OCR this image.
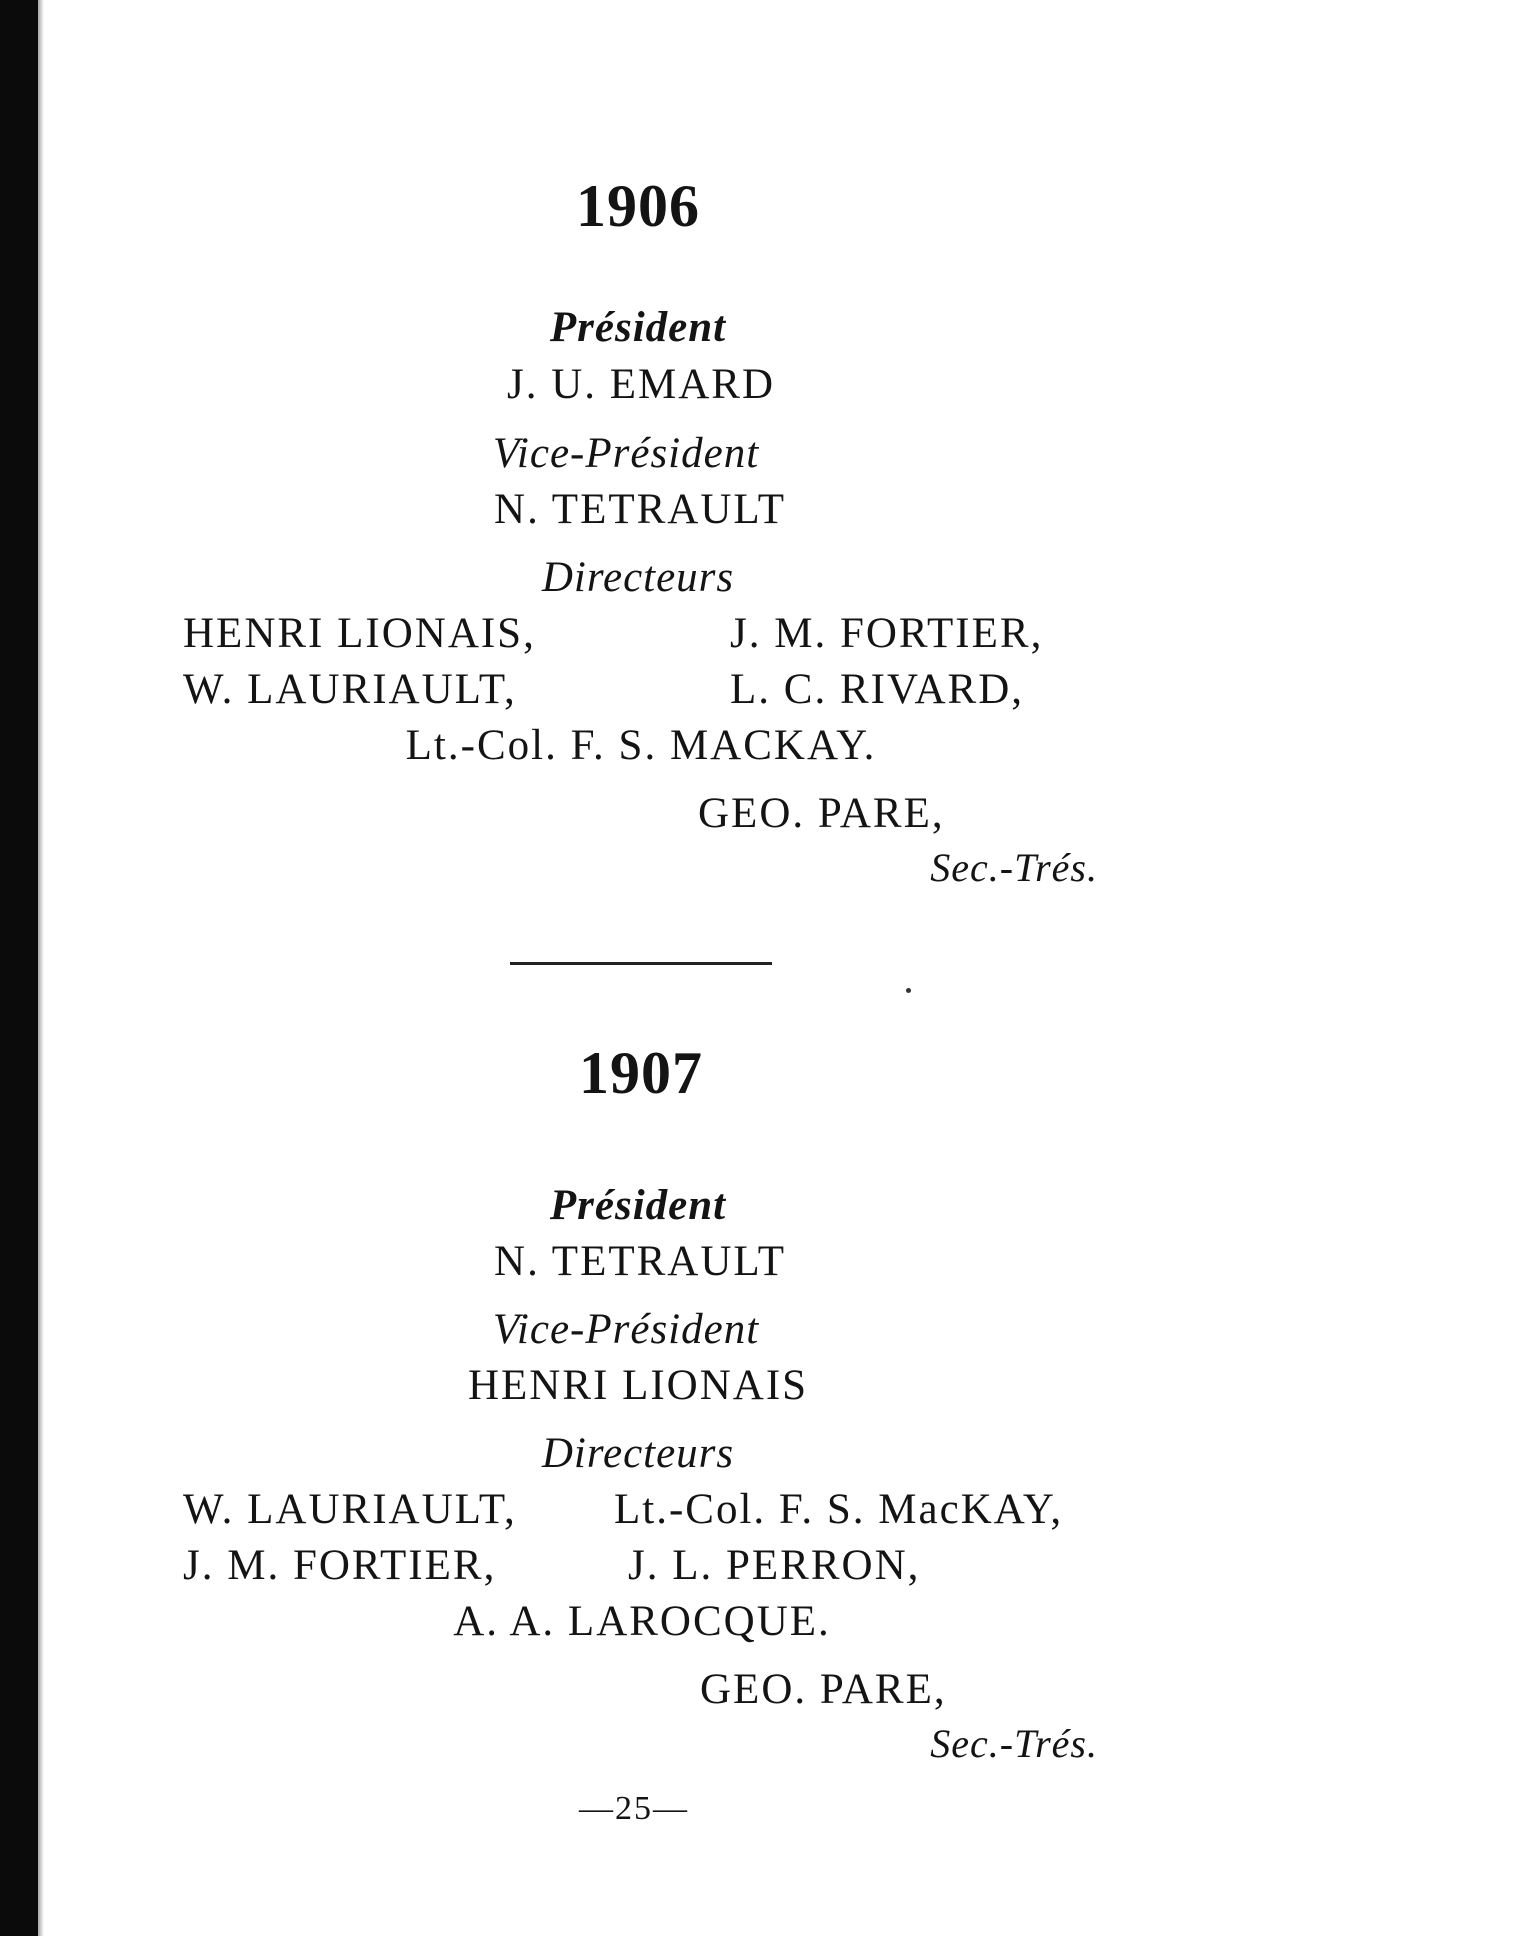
1906
Président
J. U. EMARD
Vice-Président
N. TETRAULT
Directeurs
HENRI LIONAIS,	J. M. FORTIER,
W. LAURIAULT,	L. C. RIVARD,
Lt.-Col. F. S. MACKAY.
GEO. PARE,
Sec.-Trés.
1907
Président
N. TETRAULT
Vice-Président
HENRI LIONAIS
Directeurs
W. LAURIAULT, Lt.-Col. F. S. MacKAY,
J. M. FORTIER,	J. L. PERRON,
A. A. LAROCQUE.
GEO. PARE,
Sec.-Trés.
—25—
